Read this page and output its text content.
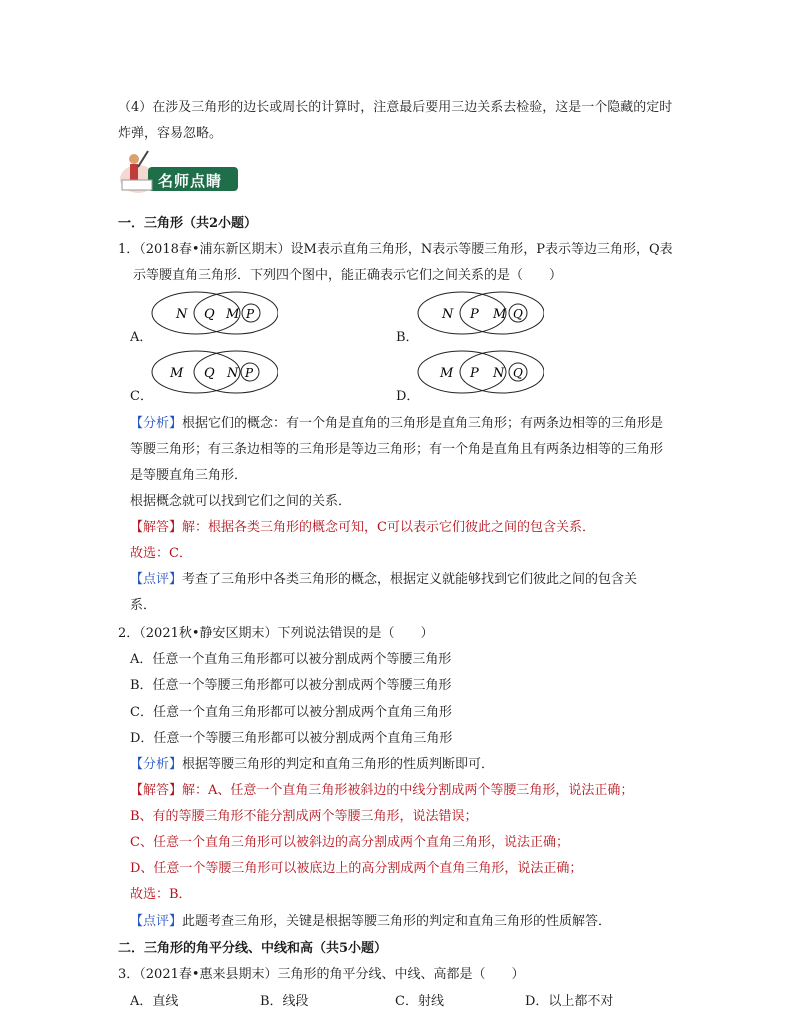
（4）在涉及三角形的边长或周长的计算时，注意最后要用三边关系去检验，这是一个隐藏的定时
炸弹，容易忽略。
名师点睛
一．三角形（共2小题）
1．（2018春•浦东新区期末）设M表示直角三角形，N表示等腰三角形，P表示等边三角形，Q表
示等腰直角三角形．下列四个图中，能正确表示它们之间关系的是（　　）
A．
N Q M P
B．
N P M Q
C．
M Q N P
D．
M P N Q
【分析】根据它们的概念：有一个角是直角的三角形是直角三角形；有两条边相等的三角形是
等腰三角形；有三条边相等的三角形是等边三角形；有一个角是直角且有两条边相等的三角形
是等腰直角三角形．
根据概念就可以找到它们之间的关系．
【解答】解：根据各类三角形的概念可知，C可以表示它们彼此之间的包含关系．
故选：C．
【点评】考查了三角形中各类三角形的概念，根据定义就能够找到它们彼此之间的包含关
系．
2．（2021秋•静安区期末）下列说法错误的是（　　）
A．任意一个直角三角形都可以被分割成两个等腰三角形
B．任意一个等腰三角形都可以被分割成两个等腰三角形
C．任意一个直角三角形都可以被分割成两个直角三角形
D．任意一个等腰三角形都可以被分割成两个直角三角形
【分析】根据等腰三角形的判定和直角三角形的性质判断即可．
【解答】解：A、任意一个直角三角形被斜边的中线分割成两个等腰三角形，说法正确；
B、有的等腰三角形不能分割成两个等腰三角形，说法错误；
C、任意一个直角三角形可以被斜边的高分割成两个直角三角形，说法正确；
D、任意一个等腰三角形可以被底边上的高分割成两个直角三角形，说法正确；
故选：B．
【点评】此题考查三角形，关键是根据等腰三角形的判定和直角三角形的性质解答．
二．三角形的角平分线、中线和高（共5小题）
3．（2021春•惠来县期末）三角形的角平分线、中线、高都是（　　）
A．直线	B．线段	C．射线	D．以上都不对
